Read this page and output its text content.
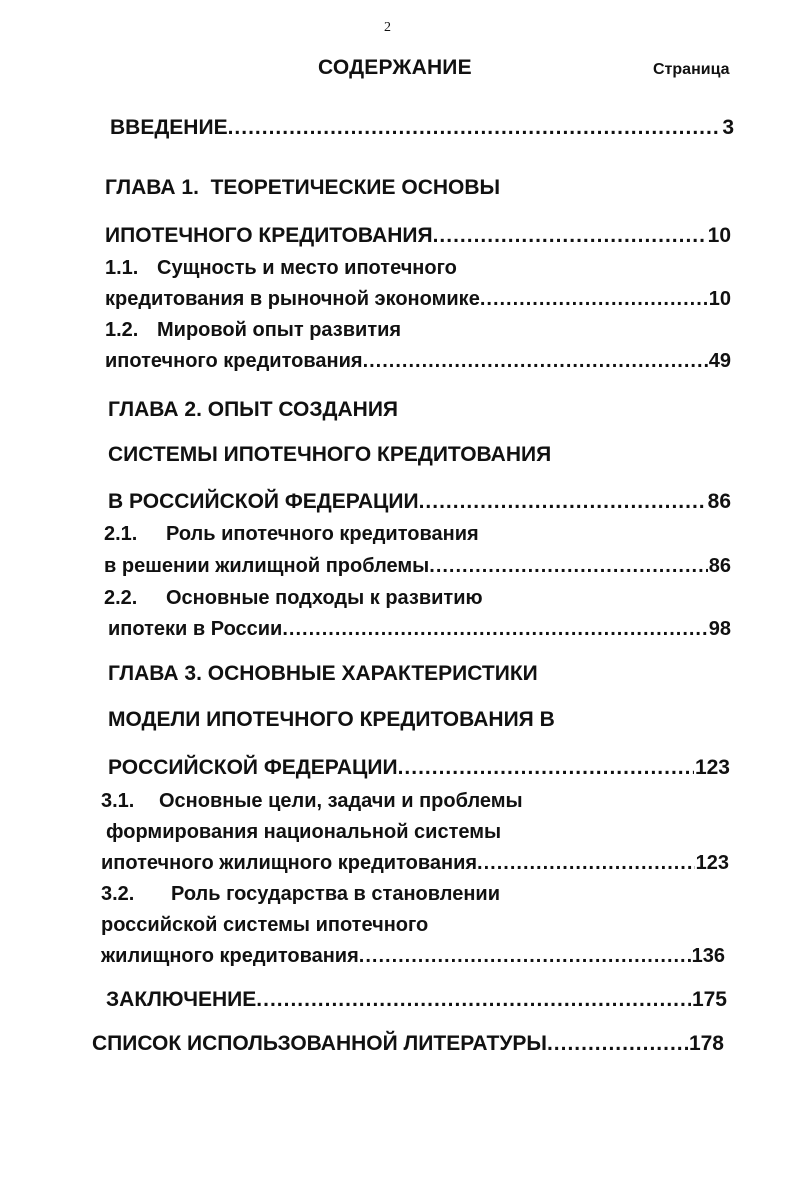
2
СОДЕРЖАНИЕ	Страница
ВВЕДЕНИЕ .....	3
ГЛАВА 1.  ТЕОРЕТИЧЕСКИЕ ОСНОВЫ
ИПОТЕЧНОГО КРЕДИТОВАНИЯ .....	10
1.1. Сущность и место ипотечного
кредитования в рыночной экономике .....	10
1.2. Мировой опыт развития
ипотечного кредитования .....	49
ГЛАВА 2. ОПЫТ СОЗДАНИЯ
СИСТЕМЫ ИПОТЕЧНОГО КРЕДИТОВАНИЯ
В РОССИЙСКОЙ ФЕДЕРАЦИИ .....	86
2.1. Роль ипотечного кредитования
в решении жилищной проблемы .....	86
2.2. Основные подходы к развитию
ипотеки в России .....	98
ГЛАВА 3. ОСНОВНЫЕ ХАРАКТЕРИСТИКИ
МОДЕЛИ ИПОТЕЧНОГО КРЕДИТОВАНИЯ В
РОССИЙСКОЙ ФЕДЕРАЦИИ .....	123
3.1. Основные цели, задачи и проблемы
формирования национальной системы
ипотечного жилищного кредитования .....	123
3.2. Роль государства в становлении
российской системы ипотечного
жилищного кредитования .....	136
ЗАКЛЮЧЕНИЕ .....	175
СПИСОК ИСПОЛЬЗОВАННОЙ ЛИТЕРАТУРЫ .....	178
